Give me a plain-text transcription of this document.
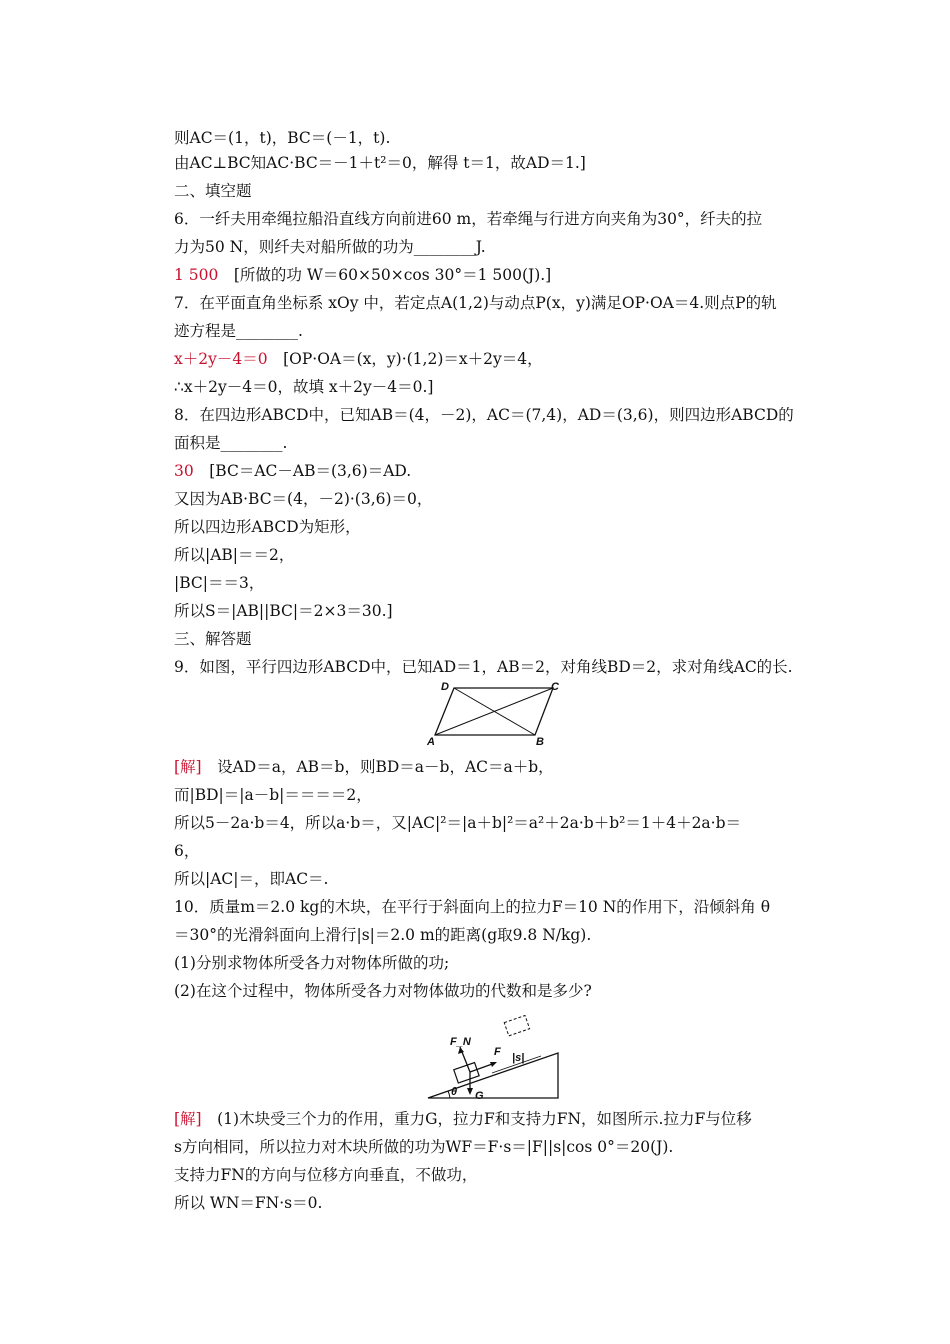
则AC＝(1，t)，BC＝(－1，t).
由AC⊥BC知AC·BC＝－1＋t²＝0，解得 t＝1，故AD＝1.]
二、填空题
6．一纤夫用牵绳拉船沿直线方向前进60 m，若牵绳与行进方向夹角为30°，纤夫的拉
力为50 N，则纤夫对船所做的功为________J.
1 500　[所做的功 W＝60×50×cos 30°＝1 500(J).]
7．在平面直角坐标系 xOy 中，若定点A(1,2)与动点P(x，y)满足OP·OA＝4.则点P的轨
迹方程是________.
x＋2y－4＝0　[OP·OA＝(x，y)·(1,2)＝x＋2y＝4，
∴x＋2y－4＝0，故填 x＋2y－4＝0.]
8．在四边形ABCD中，已知AB＝(4，－2)，AC＝(7,4)，AD＝(3,6)，则四边形ABCD的
面积是________.
30　[BC＝AC－AB＝(3,6)＝AD.
又因为AB·BC＝(4，－2)·(3,6)＝0，
所以四边形ABCD为矩形，
所以|AB|＝＝2，
|BC|＝＝3，
所以S＝|AB||BC|＝2×3＝30.]
三、解答题
9．如图，平行四边形ABCD中，已知AD＝1，AB＝2，对角线BD＝2，求对角线AC的长.
[解]　设AD＝a，AB＝b，则BD＝a－b，AC＝a＋b，
而|BD|＝|a－b|＝＝＝＝2，
所以5－2a·b＝4，所以a·b＝，又|AC|²＝|a＋b|²＝a²＋2a·b＋b²＝1＋4＋2a·b＝
6，
所以|AC|＝，即AC＝.
10．质量m＝2.0 kg的木块，在平行于斜面向上的拉力F＝10 N的作用下，沿倾斜角 θ
＝30°的光滑斜面向上滑行|s|＝2.0 m的距离(g取9.8 N/kg).
(1)分别求物体所受各力对物体所做的功;
(2)在这个过程中，物体所受各力对物体做功的代数和是多少?
[解]　(1)木块受三个力的作用，重力G，拉力F和支持力FN，如图所示.拉力F与位移
s方向相同，所以拉力对木块所做的功为WF＝F·s＝|F||s|cos 0°＝20(J).
支持力FN的方向与位移方向垂直，不做功，
所以 WN＝FN·s＝0.
D	C
A	B
θ
F_N
F
G
|s|
